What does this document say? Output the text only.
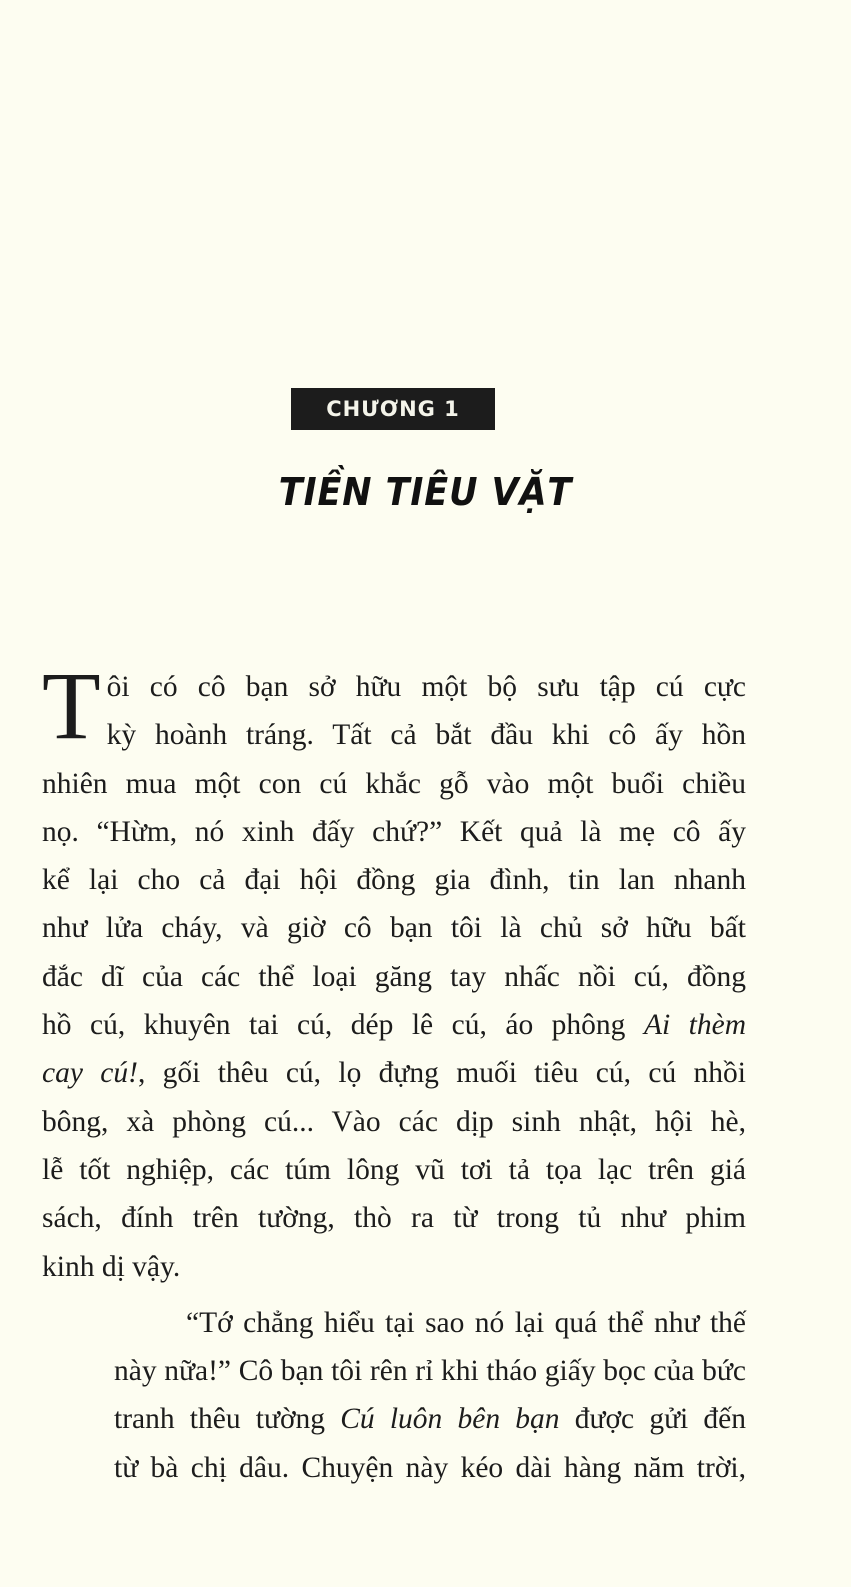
CHƯƠNG 1
TIỀN TIÊU VẶT
T ôi có cô bạn sở hữu một bộ sưu tập cú cực
kỳ hoành tráng. Tất cả bắt đầu khi cô ấy hồn
nhiên mua một con cú khắc gỗ vào một buổi chiều
nọ. “Hừm, nó xinh đấy chứ?” Kết quả là mẹ cô ấy
kể lại cho cả đại hội đồng gia đình, tin lan nhanh
như lửa cháy, và giờ cô bạn tôi là chủ sở hữu bất
đắc dĩ của các thể loại găng tay nhấc nồi cú, đồng
hồ cú, khuyên tai cú, dép lê cú, áo phông Ai thèm
cay cú!, gối thêu cú, lọ đựng muối tiêu cú, cú nhồi
bông, xà phòng cú... Vào các dịp sinh nhật, hội hè,
lễ tốt nghiệp, các túm lông vũ tơi tả tọa lạc trên giá
sách, đính trên tường, thò ra từ trong tủ như phim
kinh dị vậy.
“Tớ chẳng hiểu tại sao nó lại quá thể như thế
này nữa!” Cô bạn tôi rên rỉ khi tháo giấy bọc của bức
tranh thêu tường Cú luôn bên bạn được gửi đến
từ bà chị dâu. Chuyện này kéo dài hàng năm trời,
